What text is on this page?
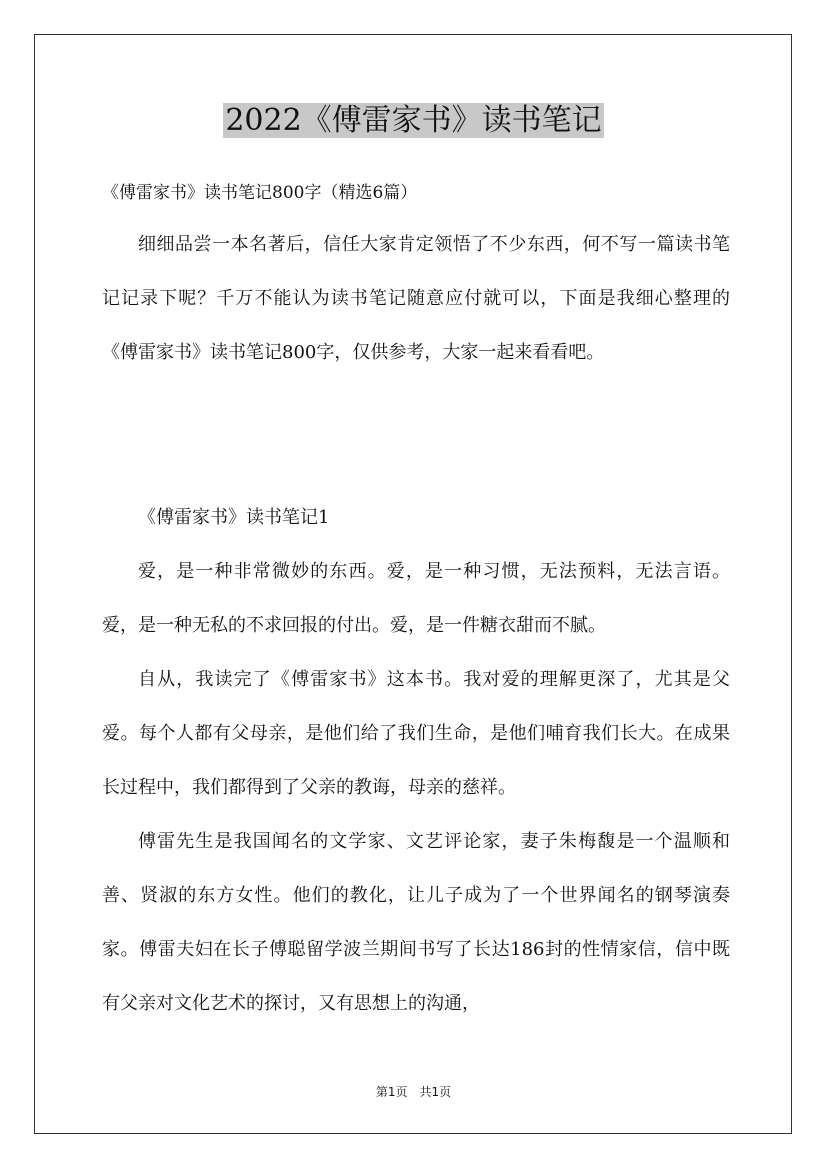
2022《傅雷家书》读书笔记
《傅雷家书》读书笔记800字（精选6篇）

细细品尝一本名著后，信任大家肯定领悟了不少东西，何不写一篇读书笔记记录下呢？千万不能认为读书笔记随意应付就可以，下面是我细心整理的《傅雷家书》读书笔记800字，仅供参考，大家一起来看看吧。

《傅雷家书》读书笔记1

爱，是一种非常微妙的东西。爱，是一种习惯，无法预料，无法言语。爱，是一种无私的不求回报的付出。爱，是一件糖衣甜而不腻。

自从，我读完了《傅雷家书》这本书。我对爱的理解更深了，尤其是父爱。每个人都有父母亲，是他们给了我们生命，是他们哺育我们长大。在成果长过程中，我们都得到了父亲的教诲，母亲的慈祥。

傅雷先生是我国闻名的文学家、文艺评论家，妻子朱梅馥是一个温顺和善、贤淑的东方女性。他们的教化，让儿子成为了一个世界闻名的钢琴演奏家。傅雷夫妇在长子傅聪留学波兰期间书写了长达186封的性情家信，信中既有父亲对文化艺术的探讨，又有思想上的沟通，

第1页　共1页
